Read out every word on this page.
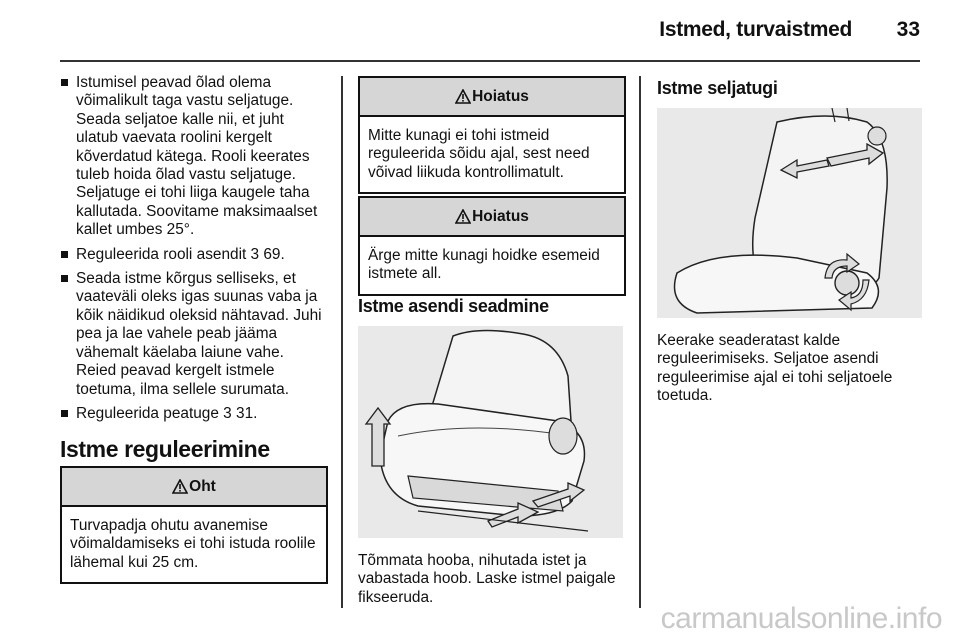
Istmed, turvaistmed 33
Istumisel peavad õlad olema võimalikult taga vastu seljatuge. Seada seljatoe kalle nii, et juht ulatub vaevata roolini kergelt kõverdatud kätega. Rooli keerates tuleb hoida õlad vastu seljatuge. Seljatuge ei tohi liiga kaugele taha kallutada. Soovitame maksimaalset kallet umbes 25°.
Reguleerida rooli asendit 3 69.
Seada istme kõrgus selliseks, et vaateväli oleks igas suunas vaba ja kõik näidikud oleksid nähtavad. Juhi pea ja lae vahele peab jääma vähemalt käelaba laiune vahe. Reied peavad kergelt istmele toetuma, ilma sellele surumata.
Reguleerida peatuge 3 31.
Istme reguleerimine
Oht
Turvapadja ohutu avanemise võimaldamiseks ei tohi istuda roolile lähemal kui 25 cm.
Hoiatus
Mitte kunagi ei tohi istmeid reguleerida sõidu ajal, sest need võivad liikuda kontrollimatult.
Hoiatus
Ärge mitte kunagi hoidke esemeid istmete all.
Istme asendi seadmine
Tõmmata hooba, nihutada istet ja vabastada hoob. Laske istmel paigale fikseeruda.
Istme seljatugi
Keerake seaderatast kalde reguleerimiseks. Seljatoe asendi reguleerimise ajal ei tohi seljatoele toetuda.
carmanualsonline.info
